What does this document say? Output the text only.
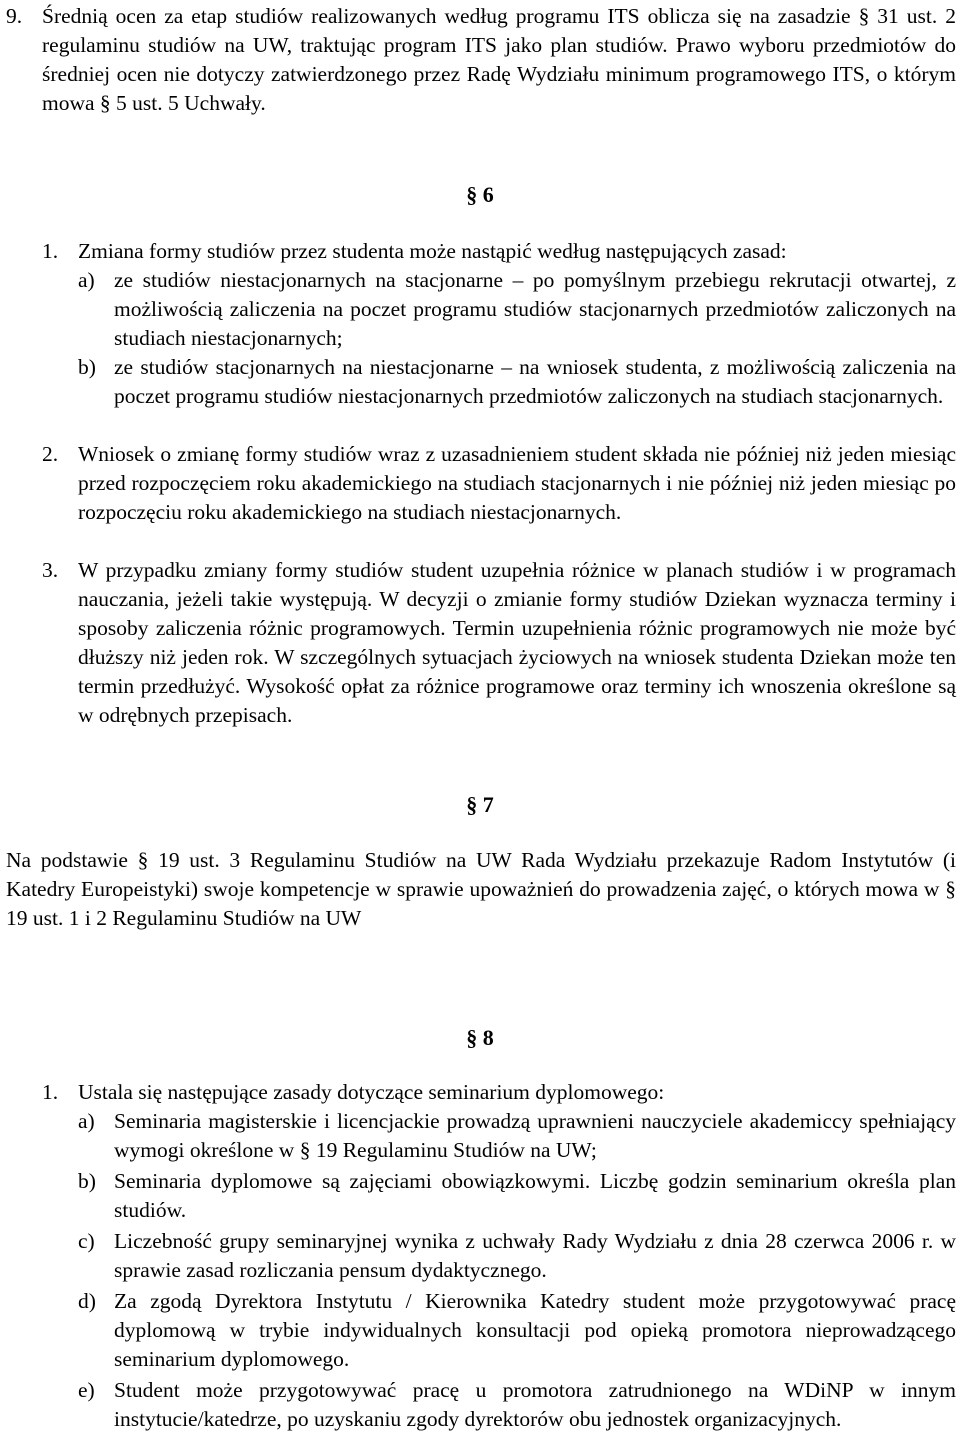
9. Średnią ocen za etap studiów realizowanych według programu ITS oblicza się na zasadzie § 31 ust. 2 regulaminu studiów na UW, traktując program ITS jako plan studiów. Prawo wyboru przedmiotów do średniej ocen nie dotyczy zatwierdzonego przez Radę Wydziału minimum programowego ITS, o którym mowa § 5 ust. 5 Uchwały.
§ 6
1. Zmiana formy studiów przez studenta może nastąpić według następujących zasad:
a) ze studiów niestacjonarnych na stacjonarne – po pomyślnym przebiegu rekrutacji otwartej, z możliwością zaliczenia na poczet programu studiów stacjonarnych przedmiotów zaliczonych na studiach niestacjonarnych;
b) ze studiów stacjonarnych na niestacjonarne – na wniosek studenta, z możliwością zaliczenia na poczet programu studiów niestacjonarnych przedmiotów zaliczonych na studiach stacjonarnych.
2. Wniosek o zmianę formy studiów wraz z uzasadnieniem student składa nie później niż jeden miesiąc przed rozpoczęciem roku akademickiego na studiach stacjonarnych i nie później niż jeden miesiąc po rozpoczęciu roku akademickiego na studiach niestacjonarnych.
3. W przypadku zmiany formy studiów student uzupełnia różnice w planach studiów i w programach nauczania, jeżeli takie występują. W decyzji o zmianie formy studiów Dziekan wyznacza terminy i sposoby zaliczenia różnic programowych. Termin uzupełnienia różnic programowych nie może być dłuższy niż jeden rok. W szczególnych sytuacjach życiowych na wniosek studenta Dziekan może ten termin przedłużyć. Wysokość opłat za różnice programowe oraz terminy ich wnoszenia określone są w odrębnych przepisach.
§ 7
Na podstawie § 19 ust. 3 Regulaminu Studiów na UW Rada Wydziału przekazuje Radom Instytutów (i Katedry Europeistyki) swoje kompetencje w sprawie upoważnień do prowadzenia zajęć, o których mowa w § 19 ust. 1 i 2 Regulaminu Studiów na UW
§ 8
1. Ustala się następujące zasady dotyczące seminarium dyplomowego:
a) Seminaria magisterskie i licencjackie prowadzą uprawnieni nauczyciele akademiccy spełniający wymogi określone w § 19 Regulaminu Studiów na UW;
b) Seminaria dyplomowe są zajęciami obowiązkowymi. Liczbę godzin seminarium określa plan studiów.
c) Liczebność grupy seminaryjnej wynika z uchwały Rady Wydziału z dnia 28 czerwca 2006 r. w sprawie zasad rozliczania pensum dydaktycznego.
d) Za zgodą Dyrektora Instytutu / Kierownika Katedry student może przygotowywać pracę dyplomową w trybie indywidualnych konsultacji pod opieką promotora nieprowadzącego seminarium dyplomowego.
e) Student może przygotowywać pracę u promotora zatrudnionego na WDiNP w innym instytucie/katedrze, po uzyskaniu zgody dyrektorów obu jednostek organizacyjnych.
